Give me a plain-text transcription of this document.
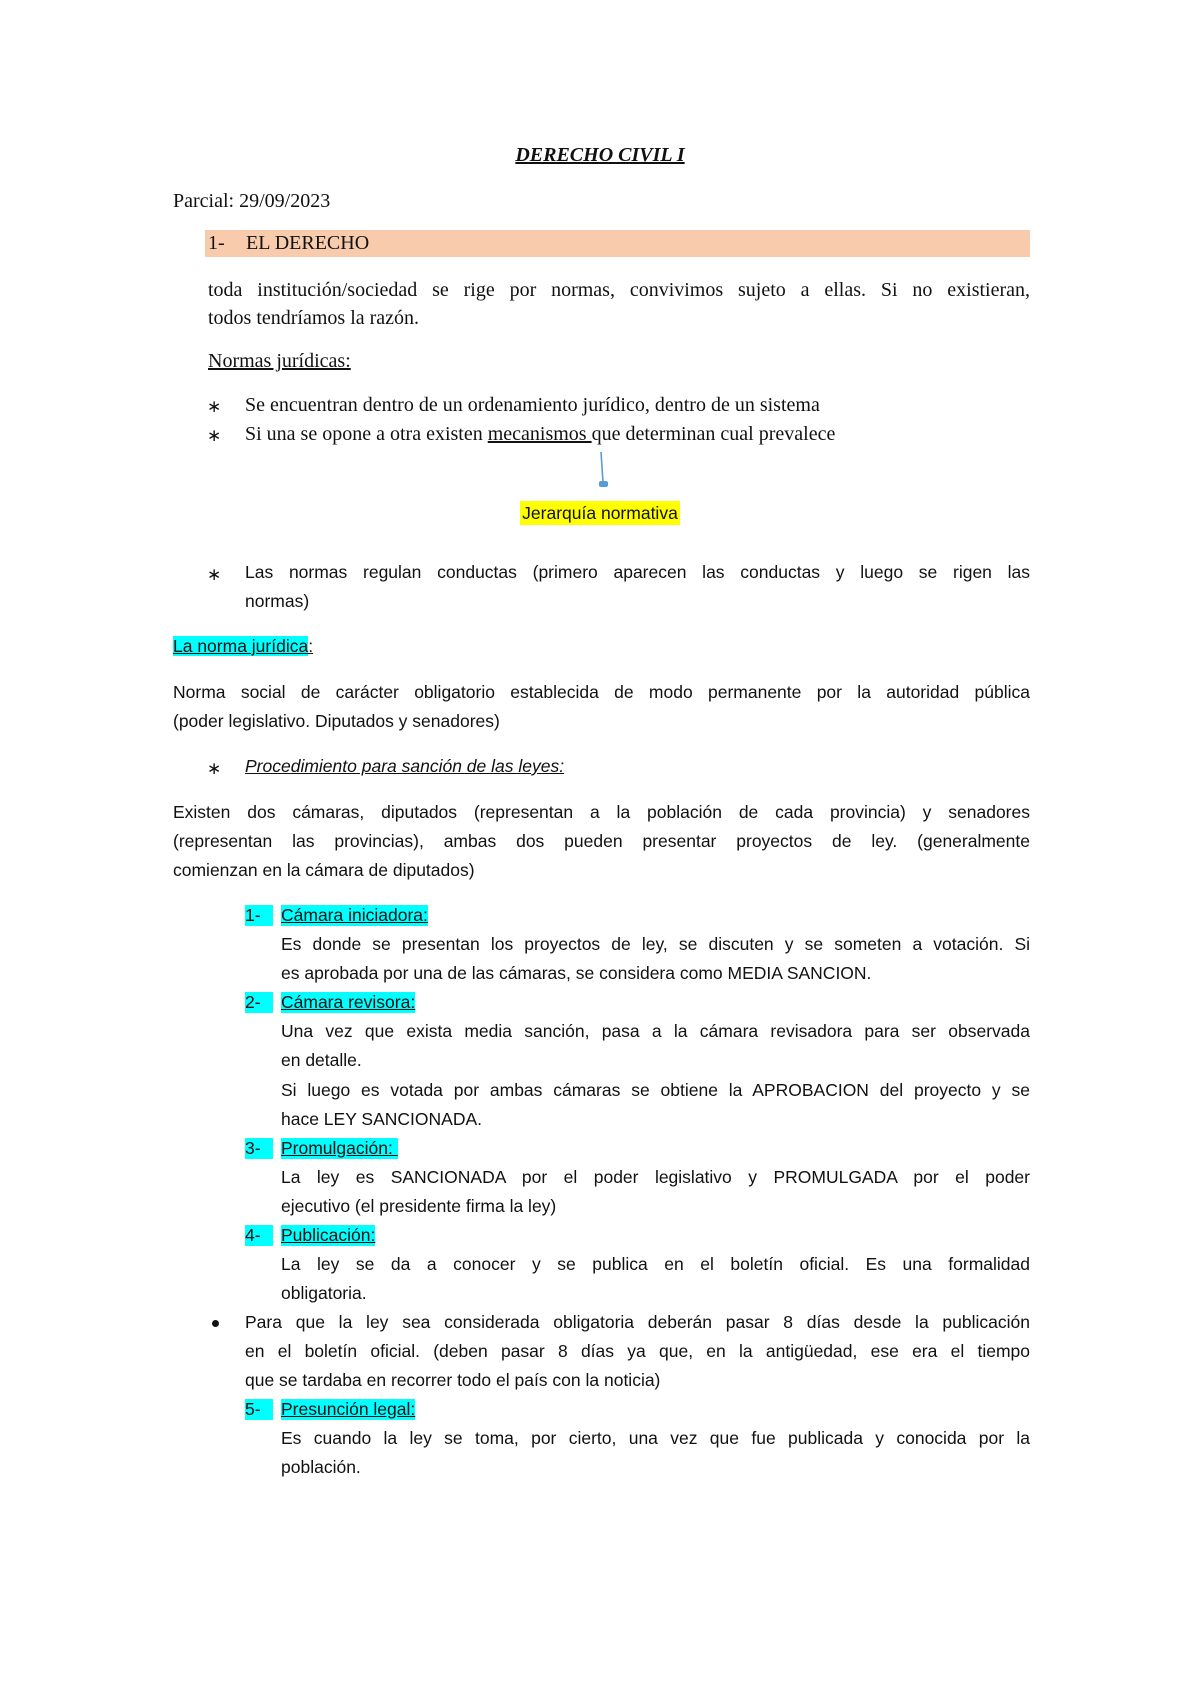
DERECHO CIVIL I
Parcial: 29/09/2023
1- EL DERECHO
toda institución/sociedad se rige por normas, convivimos sujeto a ellas. Si no existieran,
todos tendríamos la razón.
Normas jurídicas:
∗ Se encuentran dentro de un ordenamiento jurídico, dentro de un sistema
∗ Si una se opone a otra existen mecanismos que determinan cual prevalece
Jerarquía normativa
∗ Las normas regulan conductas (primero aparecen las conductas y luego se rigen las
normas)
La norma jurídica:
Norma social de carácter obligatorio establecida de modo permanente por la autoridad pública
(poder legislativo. Diputados y senadores)
∗ Procedimiento para sanción de las leyes:
Existen dos cámaras, diputados (representan a la población de cada provincia) y senadores
(representan las provincias), ambas dos pueden presentar proyectos de ley. (generalmente
comienzan en la cámara de diputados)
1-	Cámara iniciadora:
Es donde se presentan los proyectos de ley, se discuten y se someten a votación. Si
es aprobada por una de las cámaras, se considera como MEDIA SANCION.
2-	Cámara revisora:
Una vez que exista media sanción, pasa a la cámara revisadora para ser observada
en detalle.
Si luego es votada por ambas cámaras se obtiene la APROBACION del proyecto y se
hace LEY SANCIONADA.
3-	Promulgación:
La ley es SANCIONADA por el poder legislativo y PROMULGADA por el poder
ejecutivo (el presidente firma la ley)
4-	Publicación:
La ley se da a conocer y se publica en el boletín oficial. Es una formalidad
obligatoria.
Para que la ley sea considerada obligatoria deberán pasar 8 días desde la publicación
en el boletín oficial. (deben pasar 8 días ya que, en la antigüedad, ese era el tiempo
que se tardaba en recorrer todo el país con la noticia)
5-	Presunción legal:
Es cuando la ley se toma, por cierto, una vez que fue publicada y conocida por la
población.
